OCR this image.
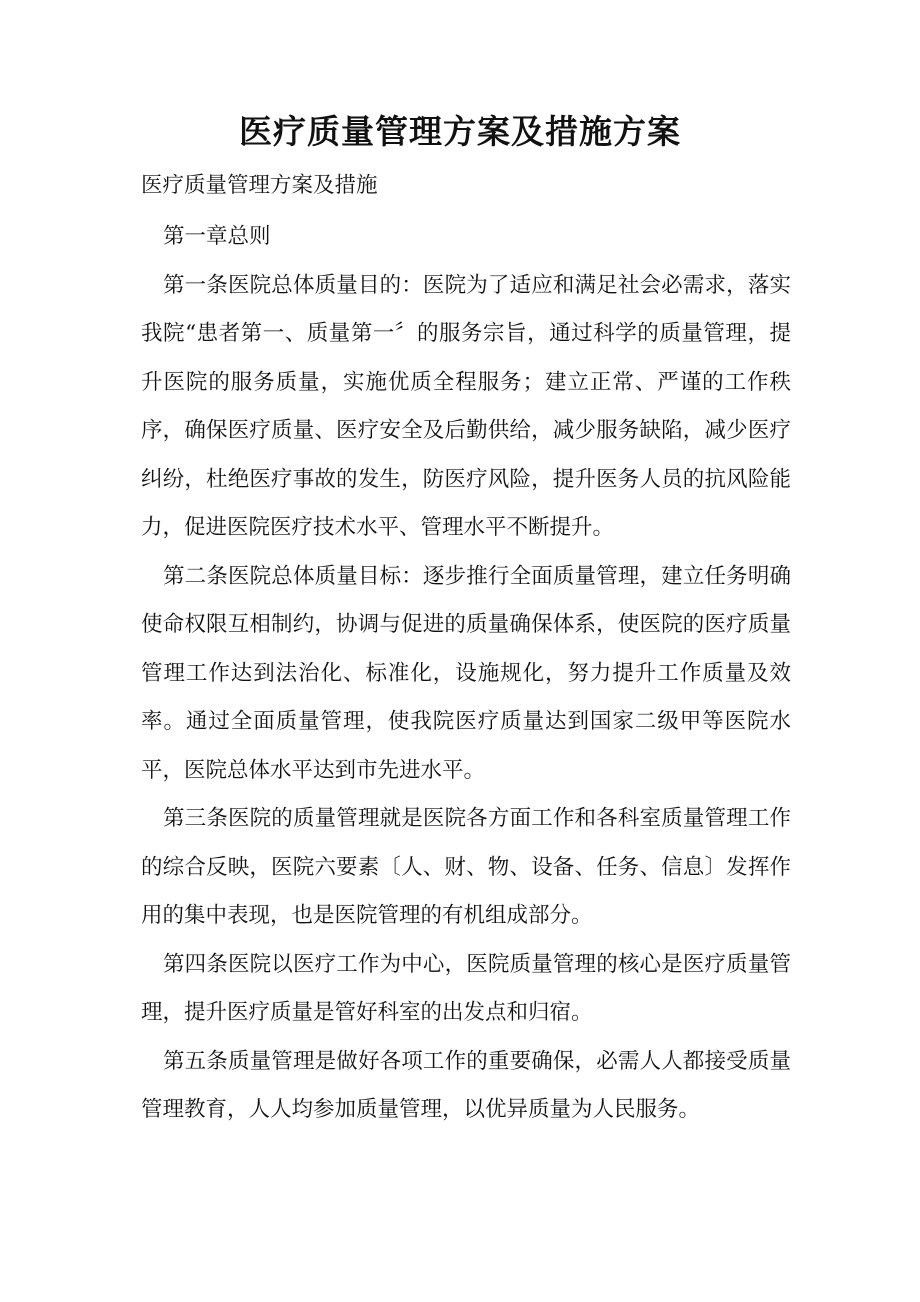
医疗质量管理方案及措施方案

医疗质量管理方案及措施

第一章总则

第一条医院总体质量目的：医院为了适应和满足社会必需求，落实我院“患者第一、质量第一〞的服务宗旨，通过科学的质量管理，提升医院的服务质量，实施优质全程服务；建立正常、严谨的工作秩序，确保医疗质量、医疗安全及后勤供给，减少服务缺陷，减少医疗纠纷，杜绝医疗事故的发生，防医疗风险，提升医务人员的抗风险能力，促进医院医疗技术水平、管理水平不断提升。

第二条医院总体质量目标：逐步推行全面质量管理，建立任务明确使命权限互相制约，协调与促进的质量确保体系，使医院的医疗质量管理工作达到法治化、标准化，设施规化，努力提升工作质量及效率。通过全面质量管理，使我院医疗质量达到国家二级甲等医院水平，医院总体水平达到市先进水平。

第三条医院的质量管理就是医院各方面工作和各科室质量管理工作的综合反映，医院六要素〔人、财、物、设备、任务、信息〕发挥作用的集中表现，也是医院管理的有机组成部分。

第四条医院以医疗工作为中心，医院质量管理的核心是医疗质量管理，提升医疗质量是管好科室的出发点和归宿。

第五条质量管理是做好各项工作的重要确保，必需人人都接受质量管理教育，人人均参加质量管理，以优异质量为人民服务。
